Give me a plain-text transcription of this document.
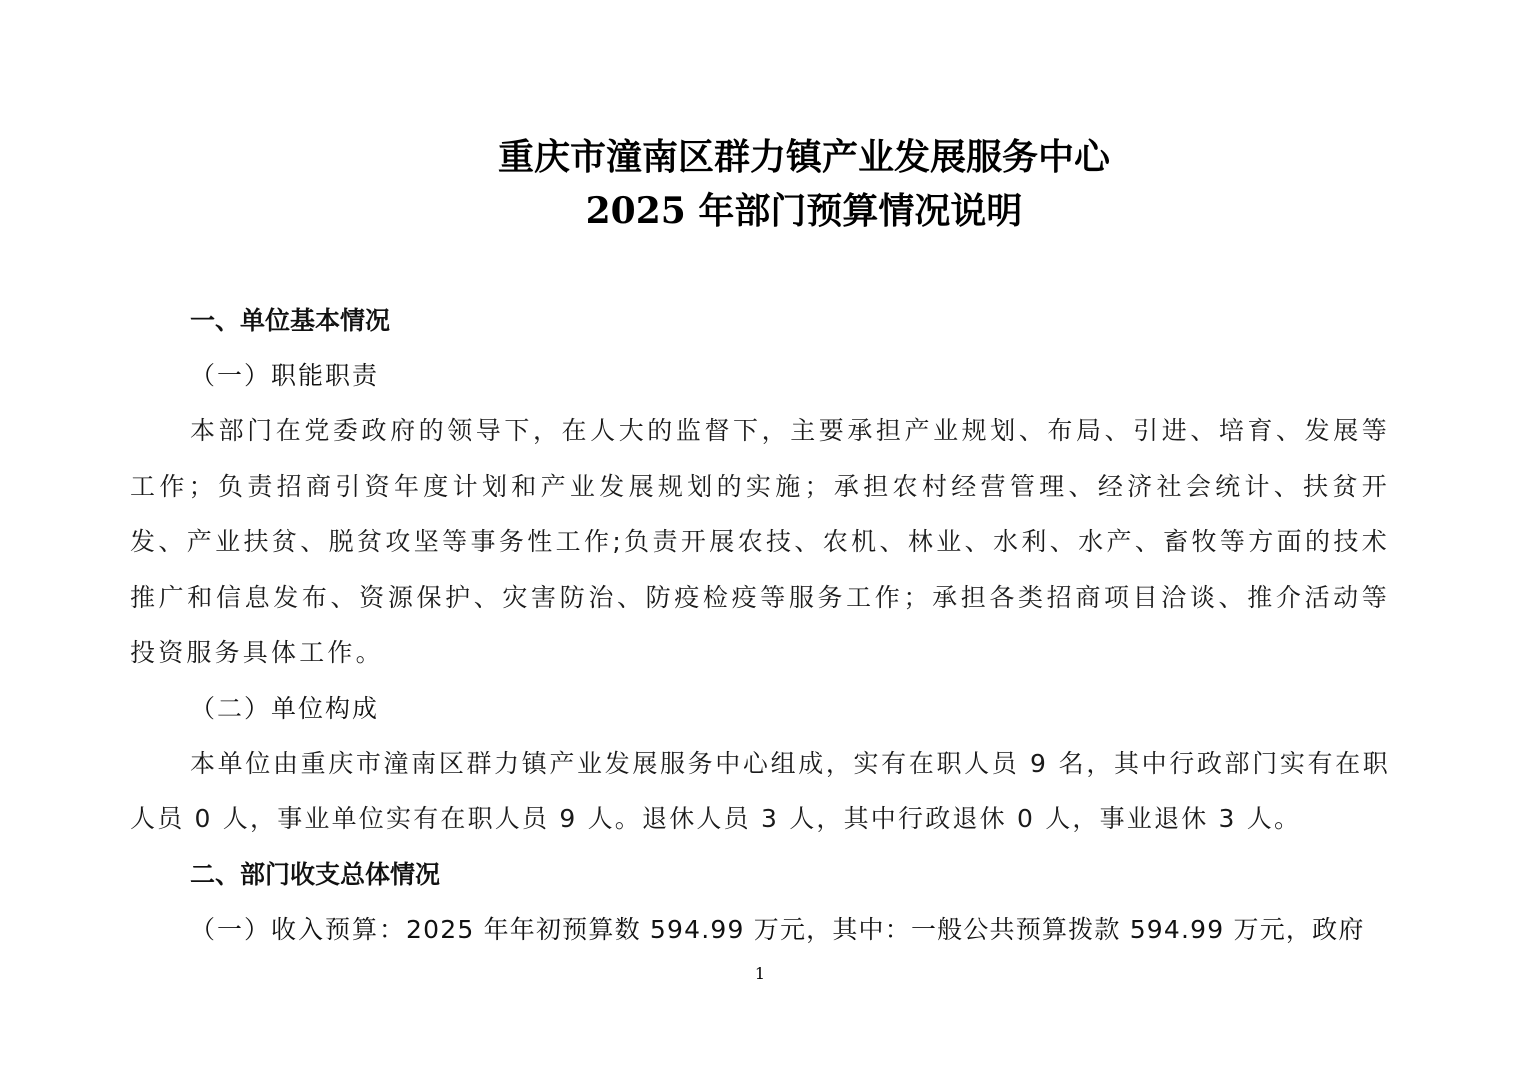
重庆市潼南区群力镇产业发展服务中心
2025 年部门预算情况说明

一、单位基本情况

（一）职能职责

本部门在党委政府的领导下，在人大的监督下，主要承担产业规划、布局、引进、培育、发展等工作；负责招商引资年度计划和产业发展规划的实施；承担农村经营管理、经济社会统计、扶贫开发、产业扶贫、脱贫攻坚等事务性工作;负责开展农技、农机、林业、水利、水产、畜牧等方面的技术推广和信息发布、资源保护、灾害防治、防疫检疫等服务工作；承担各类招商项目洽谈、推介活动等投资服务具体工作。

（二）单位构成

本单位由重庆市潼南区群力镇产业发展服务中心组成，实有在职人员 9 名，其中行政部门实有在职人员 0 人，事业单位实有在职人员 9 人。退休人员 3 人，其中行政退休 0 人，事业退休 3 人。

二、部门收支总体情况

（一）收入预算：2025 年年初预算数 594.99 万元，其中：一般公共预算拨款 594.99 万元，政府

1
